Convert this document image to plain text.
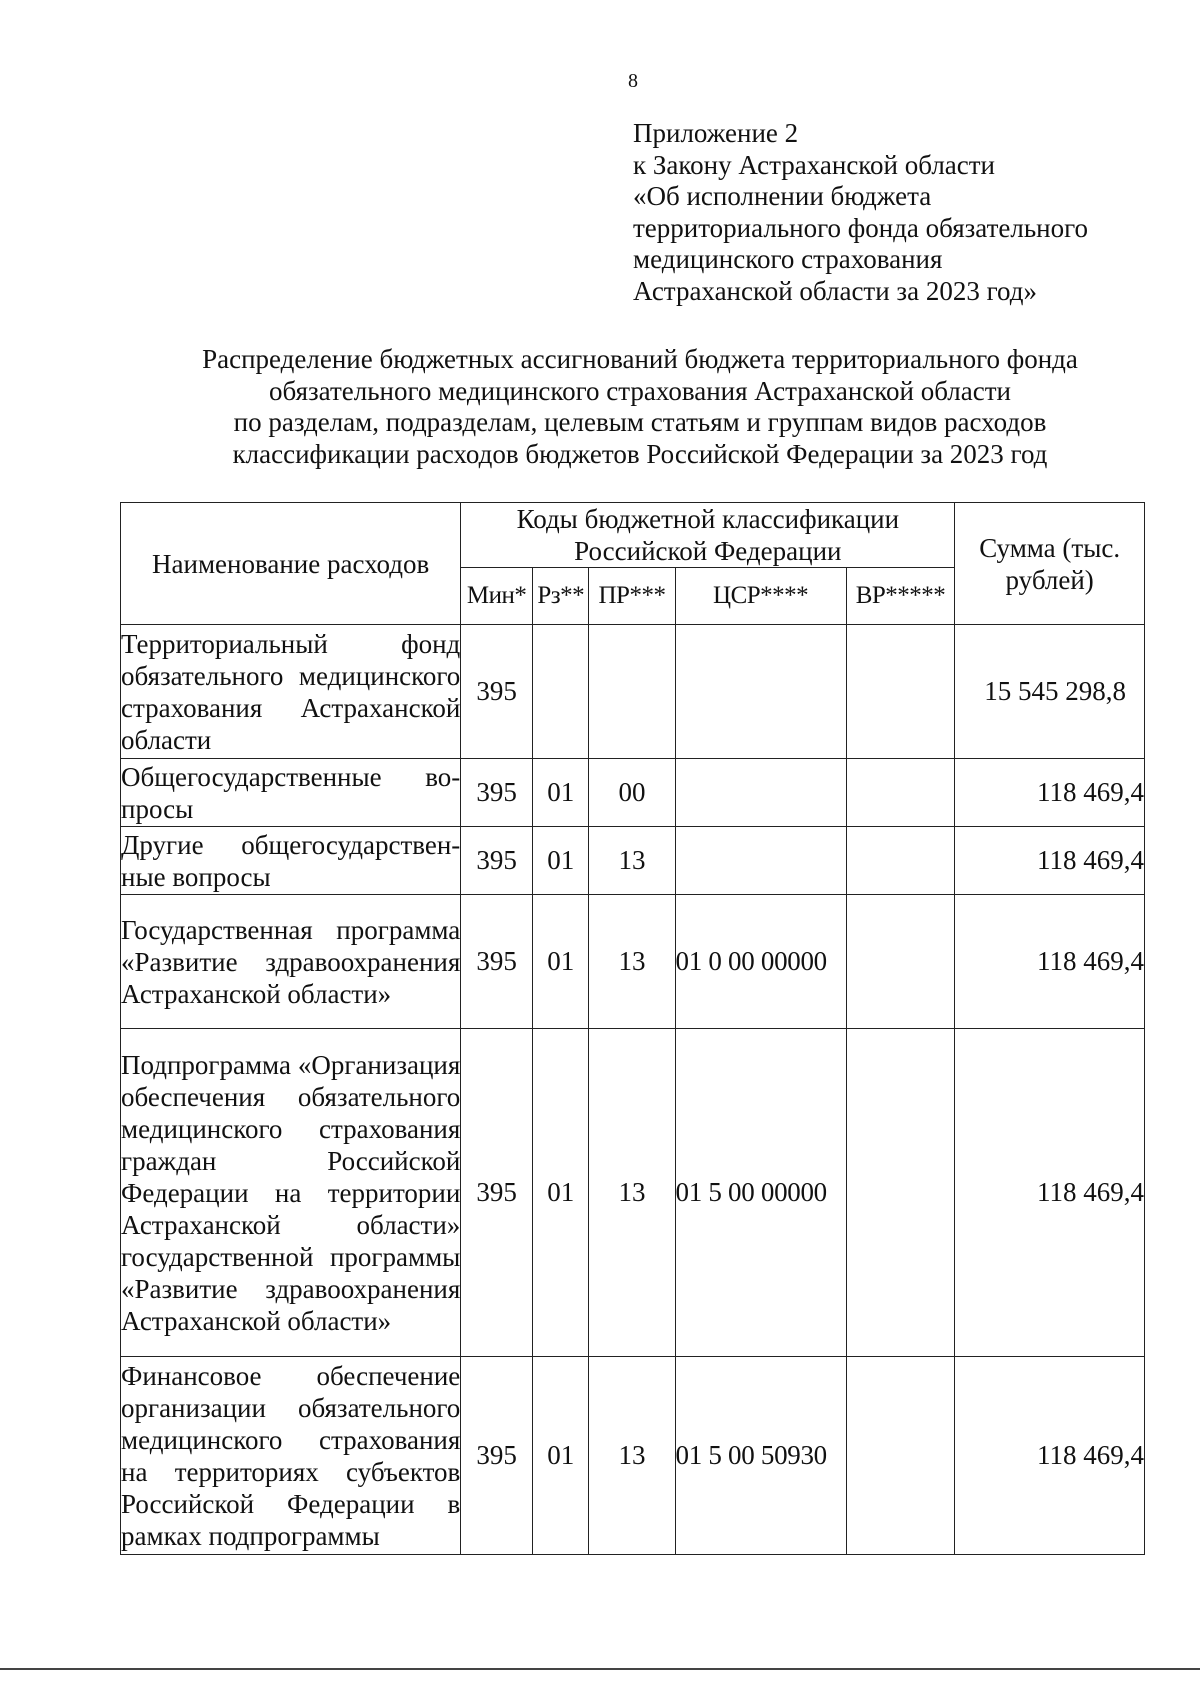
8
Приложение 2
к Закону Астраханской области
«Об исполнении бюджета
территориального фонда обязательного
медицинского страхования
Астраханской области за 2023 год»
Распределение бюджетных ассигнований бюджета территориального фонда
обязательного медицинского страхования Астраханской области
по разделам, подразделам, целевым статьям и группам видов расходов
классификации расходов бюджетов Российской Федерации за 2023 год
Наименование расходов	Коды бюджетной классификации Российской Федерации					Сумма (тыс. рублей)
	Мин*	Рз**	ПР***	ЦСР****	ВР*****	
Территориальный фонд обязательного медицинского страхования Астраханской области	395					15 545 298,8
Общегосударственные вопросы	395	01	00			118 469,4
Другие общегосударственные вопросы	395	01	13			118 469,4
Государственная программа «Развитие здравоохранения Астраханской области»	395	01	13	01 0 00 00000		118 469,4
Подпрограмма «Организация обеспечения обязательного медицинского страхования граждан Российской Федерации на территории Астраханской области» государственной программы «Развитие здравоохранения Астраханской области»	395	01	13	01 5 00 00000		118 469,4
Финансовое обеспечение организации обязательного медицинского страхования на территориях субъектов Российской Федерации в рамках подпрограммы	395	01	13	01 5 00 50930		118 469,4
